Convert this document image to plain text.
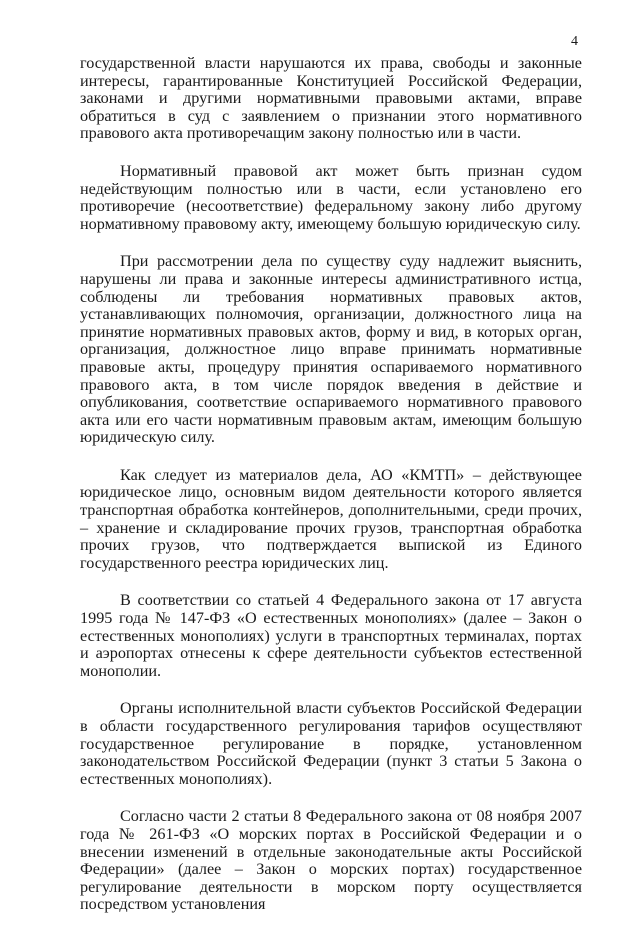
4

государственной власти нарушаются их права, свободы и законные интересы, гарантированные Конституцией Российской Федерации, законами и другими нормативными правовыми актами, вправе обратиться в суд с заявлением о признании этого нормативного правового акта противоречащим закону полностью или в части.

Нормативный правовой акт может быть признан судом недействующим полностью или в части, если установлено его противоречие (несоответствие) федеральному закону либо другому нормативному правовому акту, имеющему большую юридическую силу.

При рассмотрении дела по существу суду надлежит выяснить, нарушены ли права и законные интересы административного истца, соблюдены ли требования нормативных правовых актов, устанавливающих полномочия, организации, должностного лица на принятие нормативных правовых актов, форму и вид, в которых орган, организация, должностное лицо вправе принимать нормативные правовые акты, процедуру принятия оспариваемого нормативного правового акта, в том числе порядок введения в действие и опубликования, соответствие оспариваемого нормативного правового акта или его части нормативным правовым актам, имеющим большую юридическую силу.

Как следует из материалов дела, АО «КМТП» – действующее юридическое лицо, основным видом деятельности которого является транспортная обработка контейнеров, дополнительными, среди прочих, – хранение и складирование прочих грузов, транспортная обработка прочих грузов, что подтверждается выпиской из Единого государственного реестра юридических лиц.

В соответствии со статьей 4 Федерального закона от 17 августа 1995 года № 147-ФЗ «О естественных монополиях» (далее – Закон о естественных монополиях) услуги в транспортных терминалах, портах и аэропортах отнесены к сфере деятельности субъектов естественной монополии.

Органы исполнительной власти субъектов Российской Федерации в области государственного регулирования тарифов осуществляют государственное регулирование в порядке, установленном законодательством Российской Федерации (пункт 3 статьи 5 Закона о естественных монополиях).

Согласно части 2 статьи 8 Федерального закона от 08 ноября 2007 года № 261-ФЗ «О морских портах в Российской Федерации и о внесении изменений в отдельные законодательные акты Российской Федерации» (далее – Закон о морских портах) государственное регулирование деятельности в морском порту осуществляется посредством установления
